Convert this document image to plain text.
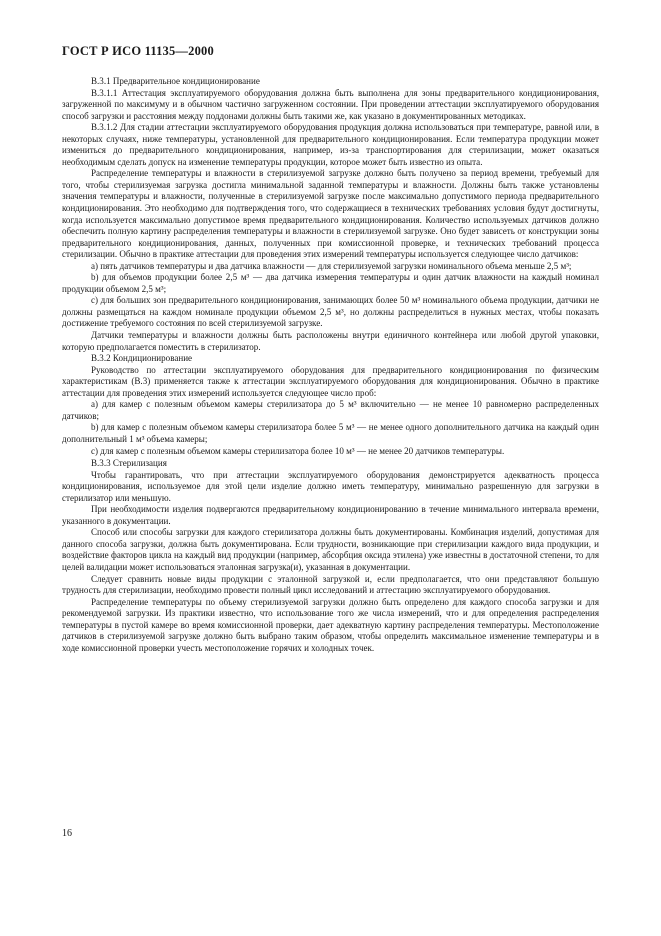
ГОСТ Р ИСО 11135—2000

В.3.1 Предварительное кондиционирование

В.3.1.1 Аттестация эксплуатируемого оборудования должна быть выполнена для зоны предварительного кондиционирования, загруженной по максимуму и в обычном частично загруженном состоянии. При проведении аттестации эксплуатируемого оборудования способ загрузки и расстояния между поддонами должны быть такими же, как указано в документированных методиках.

В.3.1.2 Для стадии аттестации эксплуатируемого оборудования продукция должна использоваться при температуре, равной или, в некоторых случаях, ниже температуры, установленной для предварительного кондиционирования. Если температура продукции может измениться до предварительного кондиционирования, например, из-за транспортирования для стерилизации, может оказаться необходимым сделать допуск на изменение температуры продукции, которое может быть известно из опыта.

Распределение температуры и влажности в стерилизуемой загрузке должно быть получено за период времени, требуемый для того, чтобы стерилизуемая загрузка достигла минимальной заданной температуры и влажности. Должны быть также установлены значения температуры и влажности, полученные в стерилизуемой загрузке после максимально допустимого периода предварительного кондиционирования. Это необходимо для подтверждения того, что содержащиеся в технических требованиях условия будут достигнуты, когда используется максимально допустимое время предварительного кондиционирования. Количество используемых датчиков должно обеспечить полную картину распределения температуры и влажности в стерилизуемой загрузке. Оно будет зависеть от конструкции зоны предварительного кондиционирования, данных, полученных при комиссионной проверке, и технических требований процесса стерилизации. Обычно в практике аттестации для проведения этих измерений температуры используется следующее число датчиков:

а) пять датчиков температуры и два датчика влажности — для стерилизуемой загрузки номинального объема меньше 2,5 м³;

b) для объемов продукции более 2,5 м³ — два датчика измерения температуры и один датчик влажности на каждый номинал продукции объемом 2,5 м³;

с) для больших зон предварительного кондиционирования, занимающих более 50 м³ номинального объема продукции, датчики не должны размещаться на каждом номинале продукции объемом 2,5 м³, но должны распределиться в нужных местах, чтобы показать достижение требуемого состояния по всей стерилизуемой загрузке.

Датчики температуры и влажности должны быть расположены внутри единичного контейнера или любой другой упаковки, которую предполагается поместить в стерилизатор.

В.3.2 Кондиционирование

Руководство по аттестации эксплуатируемого оборудования для предварительного кондиционирования по физическим характеристикам (В.3) применяется также к аттестации эксплуатируемого оборудования для кондиционирования. Обычно в практике аттестации для проведения этих измерений используется следующее число проб:

а) для камер с полезным объемом камеры стерилизатора до 5 м³ включительно — не менее 10 равномерно распределенных датчиков;

b) для камер с полезным объемом камеры стерилизатора более 5 м³ — не менее одного дополнительного датчика на каждый один дополнительный 1 м³ объема камеры;

с) для камер с полезным объемом камеры стерилизатора более 10 м³ — не менее 20 датчиков температуры.

В.3.3 Стерилизация

Чтобы гарантировать, что при аттестации эксплуатируемого оборудования демонстрируется адекватность процесса кондиционирования, используемое для этой цели изделие должно иметь температуру, минимально разрешенную для загрузки в стерилизатор или меньшую.

При необходимости изделия подвергаются предварительному кондиционированию в течение минимального интервала времени, указанного в документации.

Способ или способы загрузки для каждого стерилизатора должны быть документированы. Комбинация изделий, допустимая для данного способа загрузки, должна быть документирована. Если трудности, возникающие при стерилизации каждого вида продукции, и воздействие факторов цикла на каждый вид продукции (например, абсорбция оксида этилена) уже известны в достаточной степени, то для целей валидации может использоваться эталонная загрузка(и), указанная в документации.

Следует сравнить новые виды продукции с эталонной загрузкой и, если предполагается, что они представляют большую трудность для стерилизации, необходимо провести полный цикл исследований и аттестацию эксплуатируемого оборудования.

Распределение температуры по объему стерилизуемой загрузки должно быть определено для каждого способа загрузки и для рекомендуемой загрузки. Из практики известно, что использование того же числа измерений, что и для определения распределения температуры в пустой камере во время комиссионной проверки, дает адекватную картину распределения температуры. Местоположение датчиков в стерилизуемой загрузке должно быть выбрано таким образом, чтобы определить максимальное изменение температуры и в ходе комиссионной проверки учесть местоположение горячих и холодных точек.

16
